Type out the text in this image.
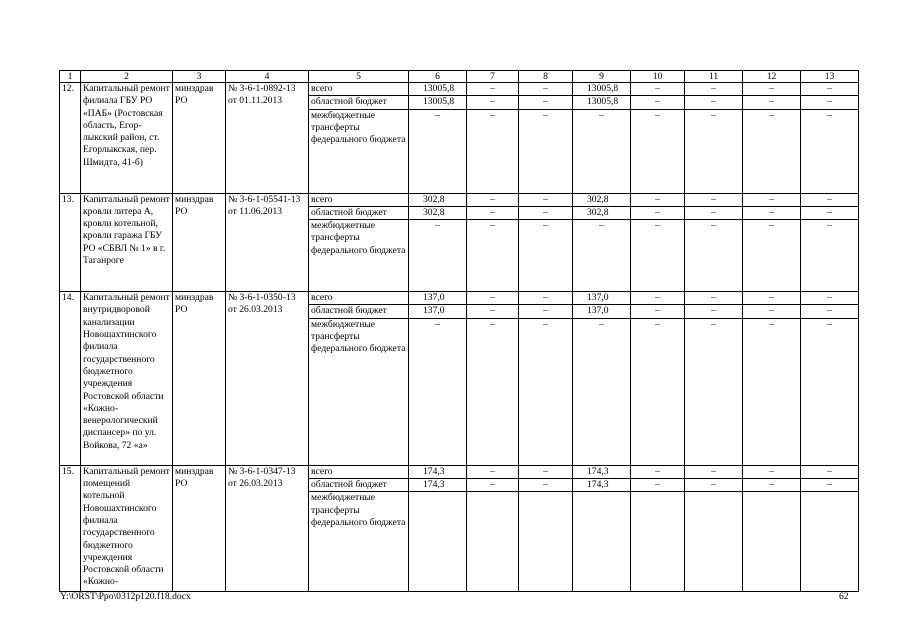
1	2	3	4	5	6	7	8	9	10	11	12	13
12.	Капитальный ремонт филиала ГБУ РО «ПАБ» (Ростовская область, Егор-лыкский район, ст. Егорлыкская, пер. Шмидта, 41-б)	минздрав РО	№ 3-6-1-0892-13 от 01.11.2013	всего	13005,8	–	–	13005,8	–	–	–	–
				областной бюджет	13005,8	–	–	13005,8	–	–	–	–
				межбюджетные трансферты федерального бюджета	–	–	–	–	–	–	–	–
13.	Капитальный ремонт кровли литера А, кровли котельной, кровли гаража ГБУ РО «СБВЛ № 1» в г. Таганроге	минздрав РО	№ 3-6-1-05541-13 от 11.06.2013	всего	302,8	–	–	302,8	–	–	–	–
				областной бюджет	302,8	–	–	302,8	–	–	–	–
				межбюджетные трансферты федерального бюджета	–	–	–	–	–	–	–	–
14.	Капитальный ремонт внутридворовой канализации Новошахтинского филиала государственного бюджетного учреждения Ростовской области «Кожно-венерологический диспансер» по ул. Войкова, 72 «а»	минздрав РО	№ 3-6-1-0350-13 от 26.03.2013	всего	137,0	–	–	137,0	–	–	–	–
				областной бюджет	137,0	–	–	137,0	–	–	–	–
				межбюджетные трансферты федерального бюджета	–	–	–	–	–	–	–	–
15.	Капитальный ремонт помещений котельной Новошахтинского филиала государственного бюджетного учреждения Ростовской области «Кожно-	минздрав РО	№ 3-6-1-0347-13 от 26.03.2013	всего	174,3	–	–	174,3	–	–	–	–
				областной бюджет	174,3	–	–	174,3	–	–	–	–
				межбюджетные трансферты федерального бюджета								
Y:\ORST\Ppo\0312p120.f18.docx	62
